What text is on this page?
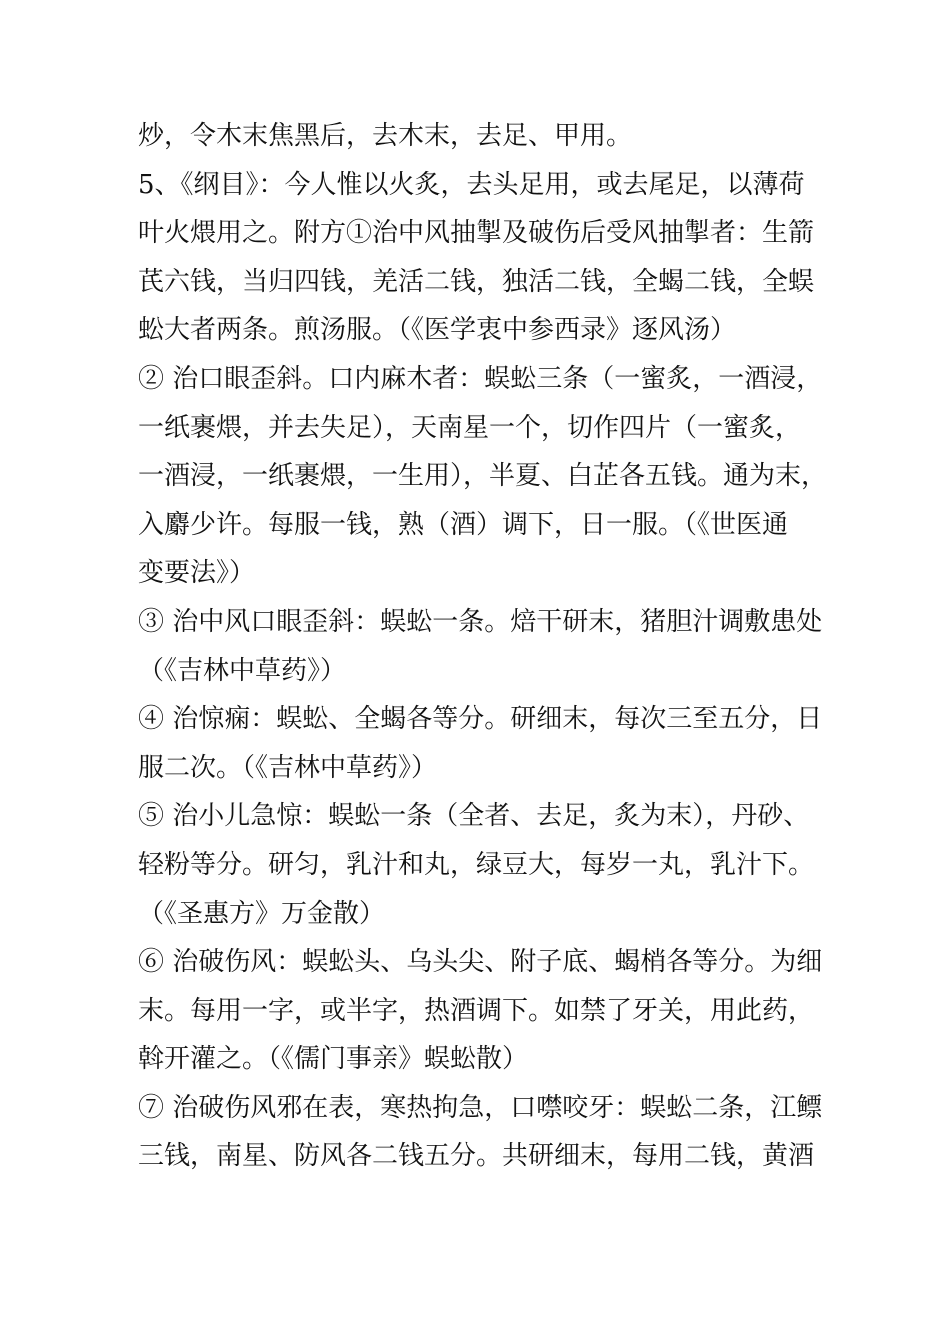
炒，令木末焦黑后，去木末，去足、甲用。
5、《纲目》：今人惟以火炙，去头足用，或去尾足，以薄荷
叶火煨用之。附方①治中风抽掣及破伤后受风抽掣者：生箭
芪六钱，当归四钱，羌活二钱，独活二钱，全蝎二钱，全蜈
蚣大者两条。煎汤服。（《医学衷中参西录》逐风汤）
② 治口眼歪斜。口内麻木者：蜈蚣三条（一蜜炙，一酒浸，
一纸裹煨，并去失足），天南星一个，切作四片（一蜜炙，
一酒浸，一纸裹煨，一生用），半夏、白芷各五钱。通为末，
入麝少许。每服一钱，熟（酒）调下，日一服。（《世医通
变要法》）
③ 治中风口眼歪斜：蜈蚣一条。焙干研末，猪胆汁调敷患处
（《吉林中草药》）
④ 治惊痫：蜈蚣、全蝎各等分。研细末，每次三至五分，日
服二次。（《吉林中草药》）
⑤ 治小儿急惊：蜈蚣一条（全者、去足，炙为末），丹砂、
轻粉等分。研匀，乳汁和丸，绿豆大，每岁一丸，乳汁下。
（《圣惠方》万金散）
⑥ 治破伤风：蜈蚣头、乌头尖、附子底、蝎梢各等分。为细
末。每用一字，或半字，热酒调下。如禁了牙关，用此药，
斡开灌之。（《儒门事亲》蜈蚣散）
⑦ 治破伤风邪在表，寒热拘急，口噤咬牙：蜈蚣二条，江鳔
三钱，南星、防风各二钱五分。共研细末，每用二钱，黄酒
